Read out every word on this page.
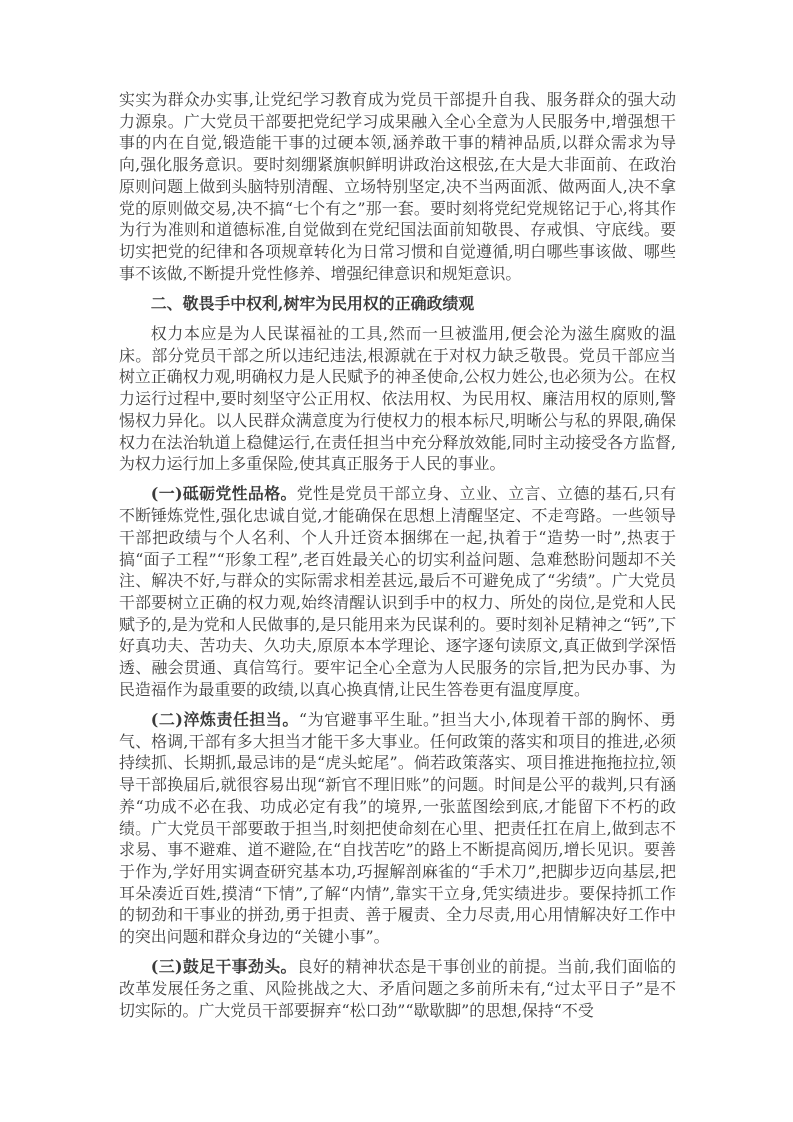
实实为群众办实事,让党纪学习教育成为党员干部提升自我、服务群众的强大动力源泉。广大党员干部要把党纪学习成果融入全心全意为人民服务中,增强想干事的内在自觉,锻造能干事的过硬本领,涵养敢干事的精神品质,以群众需求为导向,强化服务意识。要时刻绷紧旗帜鲜明讲政治这根弦,在大是大非面前、在政治原则问题上做到头脑特别清醒、立场特别坚定,决不当两面派、做两面人,决不拿党的原则做交易,决不搞“七个有之”那一套。要时刻将党纪党规铭记于心,将其作为行为准则和道德标准,自觉做到在党纪国法面前知敬畏、存戒惧、守底线。要切实把党的纪律和各项规章转化为日常习惯和自觉遵循,明白哪些事该做、哪些事不该做,不断提升党性修养、增强纪律意识和规矩意识。

二、敬畏手中权利,树牢为民用权的正确政绩观

权力本应是为人民谋福祉的工具,然而一旦被滥用,便会沦为滋生腐败的温床。部分党员干部之所以违纪违法,根源就在于对权力缺乏敬畏。党员干部应当树立正确权力观,明确权力是人民赋予的神圣使命,公权力姓公,也必须为公。在权力运行过程中,要时刻坚守公正用权、依法用权、为民用权、廉洁用权的原则,警惕权力异化。以人民群众满意度为行使权力的根本标尺,明晰公与私的界限,确保权力在法治轨道上稳健运行,在责任担当中充分释放效能,同时主动接受各方监督,为权力运行加上多重保险,使其真正服务于人民的事业。

(一)砥砺党性品格。党性是党员干部立身、立业、立言、立德的基石,只有不断锤炼党性,强化忠诚自觉,才能确保在思想上清醒坚定、不走弯路。一些领导干部把政绩与个人名利、个人升迁资本捆绑在一起,执着于“造势一时”,热衷于搞“面子工程”“形象工程”,老百姓最关心的切实利益问题、急难愁盼问题却不关注、解决不好,与群众的实际需求相差甚远,最后不可避免成了“劣绩”。广大党员干部要树立正确的权力观,始终清醒认识到手中的权力、所处的岗位,是党和人民赋予的,是为党和人民做事的,是只能用来为民谋利的。要时刻补足精神之“钙”,下好真功夫、苦功夫、久功夫,原原本本学理论、逐字逐句读原文,真正做到学深悟透、融会贯通、真信笃行。要牢记全心全意为人民服务的宗旨,把为民办事、为民造福作为最重要的政绩,以真心换真情,让民生答卷更有温度厚度。

(二)淬炼责任担当。“为官避事平生耻。”担当大小,体现着干部的胸怀、勇气、格调,干部有多大担当才能干多大事业。任何政策的落实和项目的推进,必须持续抓、长期抓,最忌讳的是“虎头蛇尾”。倘若政策落实、项目推进拖拖拉拉,领导干部换届后,就很容易出现“新官不理旧账”的问题。时间是公平的裁判,只有涵养“功成不必在我、功成必定有我”的境界,一张蓝图绘到底,才能留下不朽的政绩。广大党员干部要敢于担当,时刻把使命刻在心里、把责任扛在肩上,做到志不求易、事不避难、道不避险,在“自找苦吃”的路上不断提高阅历,增长见识。要善于作为,学好用实调查研究基本功,巧握解剖麻雀的“手术刀”,把脚步迈向基层,把耳朵凑近百姓,摸清“下情”,了解“内情”,靠实干立身,凭实绩进步。要保持抓工作的韧劲和干事业的拼劲,勇于担责、善于履责、全力尽责,用心用情解决好工作中的突出问题和群众身边的“关键小事”。

(三)鼓足干事劲头。良好的精神状态是干事创业的前提。当前,我们面临的改革发展任务之重、风险挑战之大、矛盾问题之多前所未有,“过太平日子”是不切实际的。广大党员干部要摒弃“松口劲”“歇歇脚”的思想,保持“不受
